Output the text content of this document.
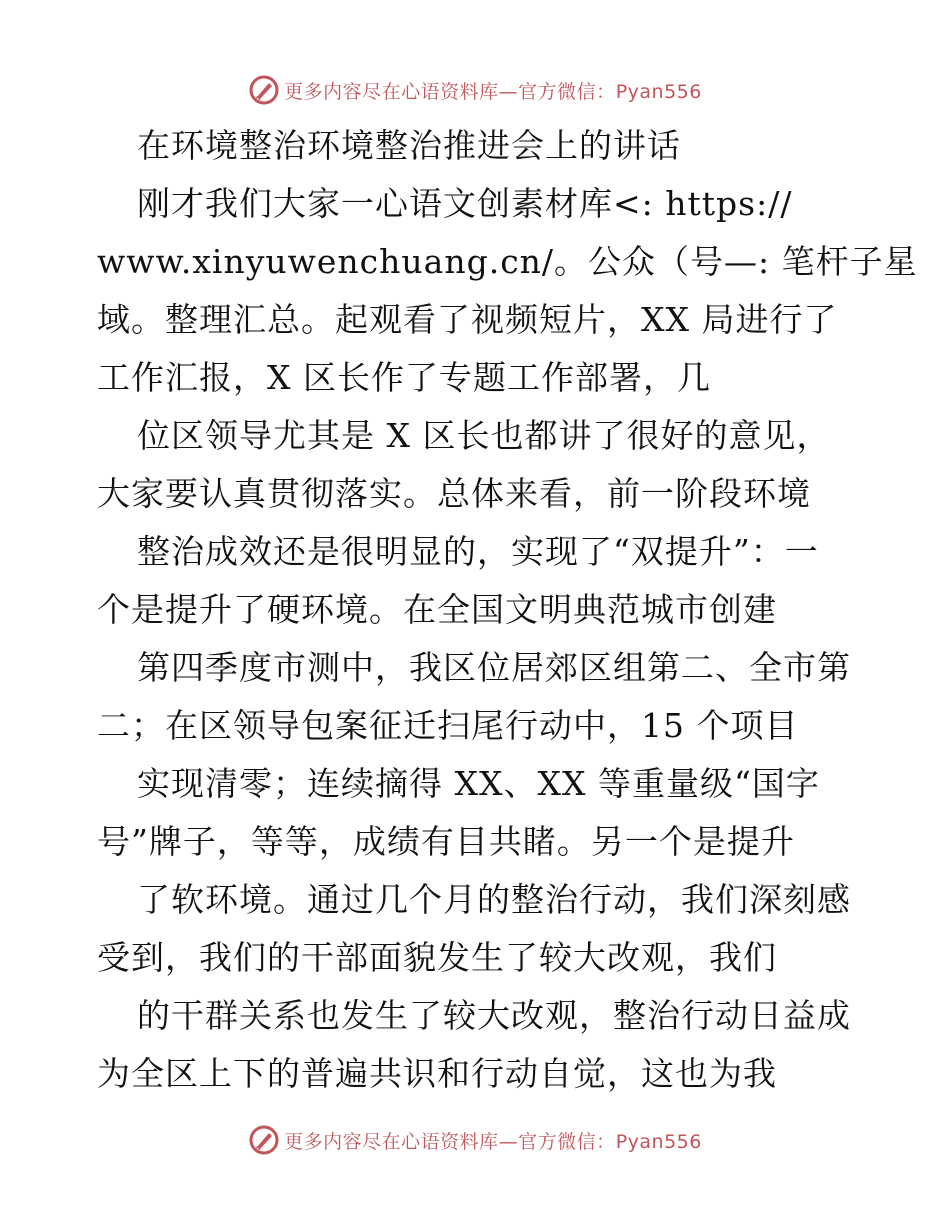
更多内容尽在心语资料库—官方微信：Pyan556
在环境整治环境整治推进会上的讲话
刚才我们大家一心语文创素材库<: https://
www.xinyuwenchuang.cn/。公众（号—: 笔杆子星
域。整理汇总。起观看了视频短片，XX 局进行了
工作汇报，X 区长作了专题工作部署，几
位区领导尤其是 X 区长也都讲了很好的意见，
大家要认真贯彻落实。总体来看，前一阶段环境
整治成效还是很明显的，实现了“双提升”：一
个是提升了硬环境。在全国文明典范城市创建
第四季度市测中，我区位居郊区组第二、全市第
二；在区领导包案征迁扫尾行动中，15 个项目
实现清零；连续摘得 XX、XX 等重量级“国字
号”牌子，等等，成绩有目共睹。另一个是提升
了软环境。通过几个月的整治行动，我们深刻感
受到，我们的干部面貌发生了较大改观，我们
的干群关系也发生了较大改观，整治行动日益成
为全区上下的普遍共识和行动自觉，这也为我
更多内容尽在心语资料库—官方微信：Pyan556
